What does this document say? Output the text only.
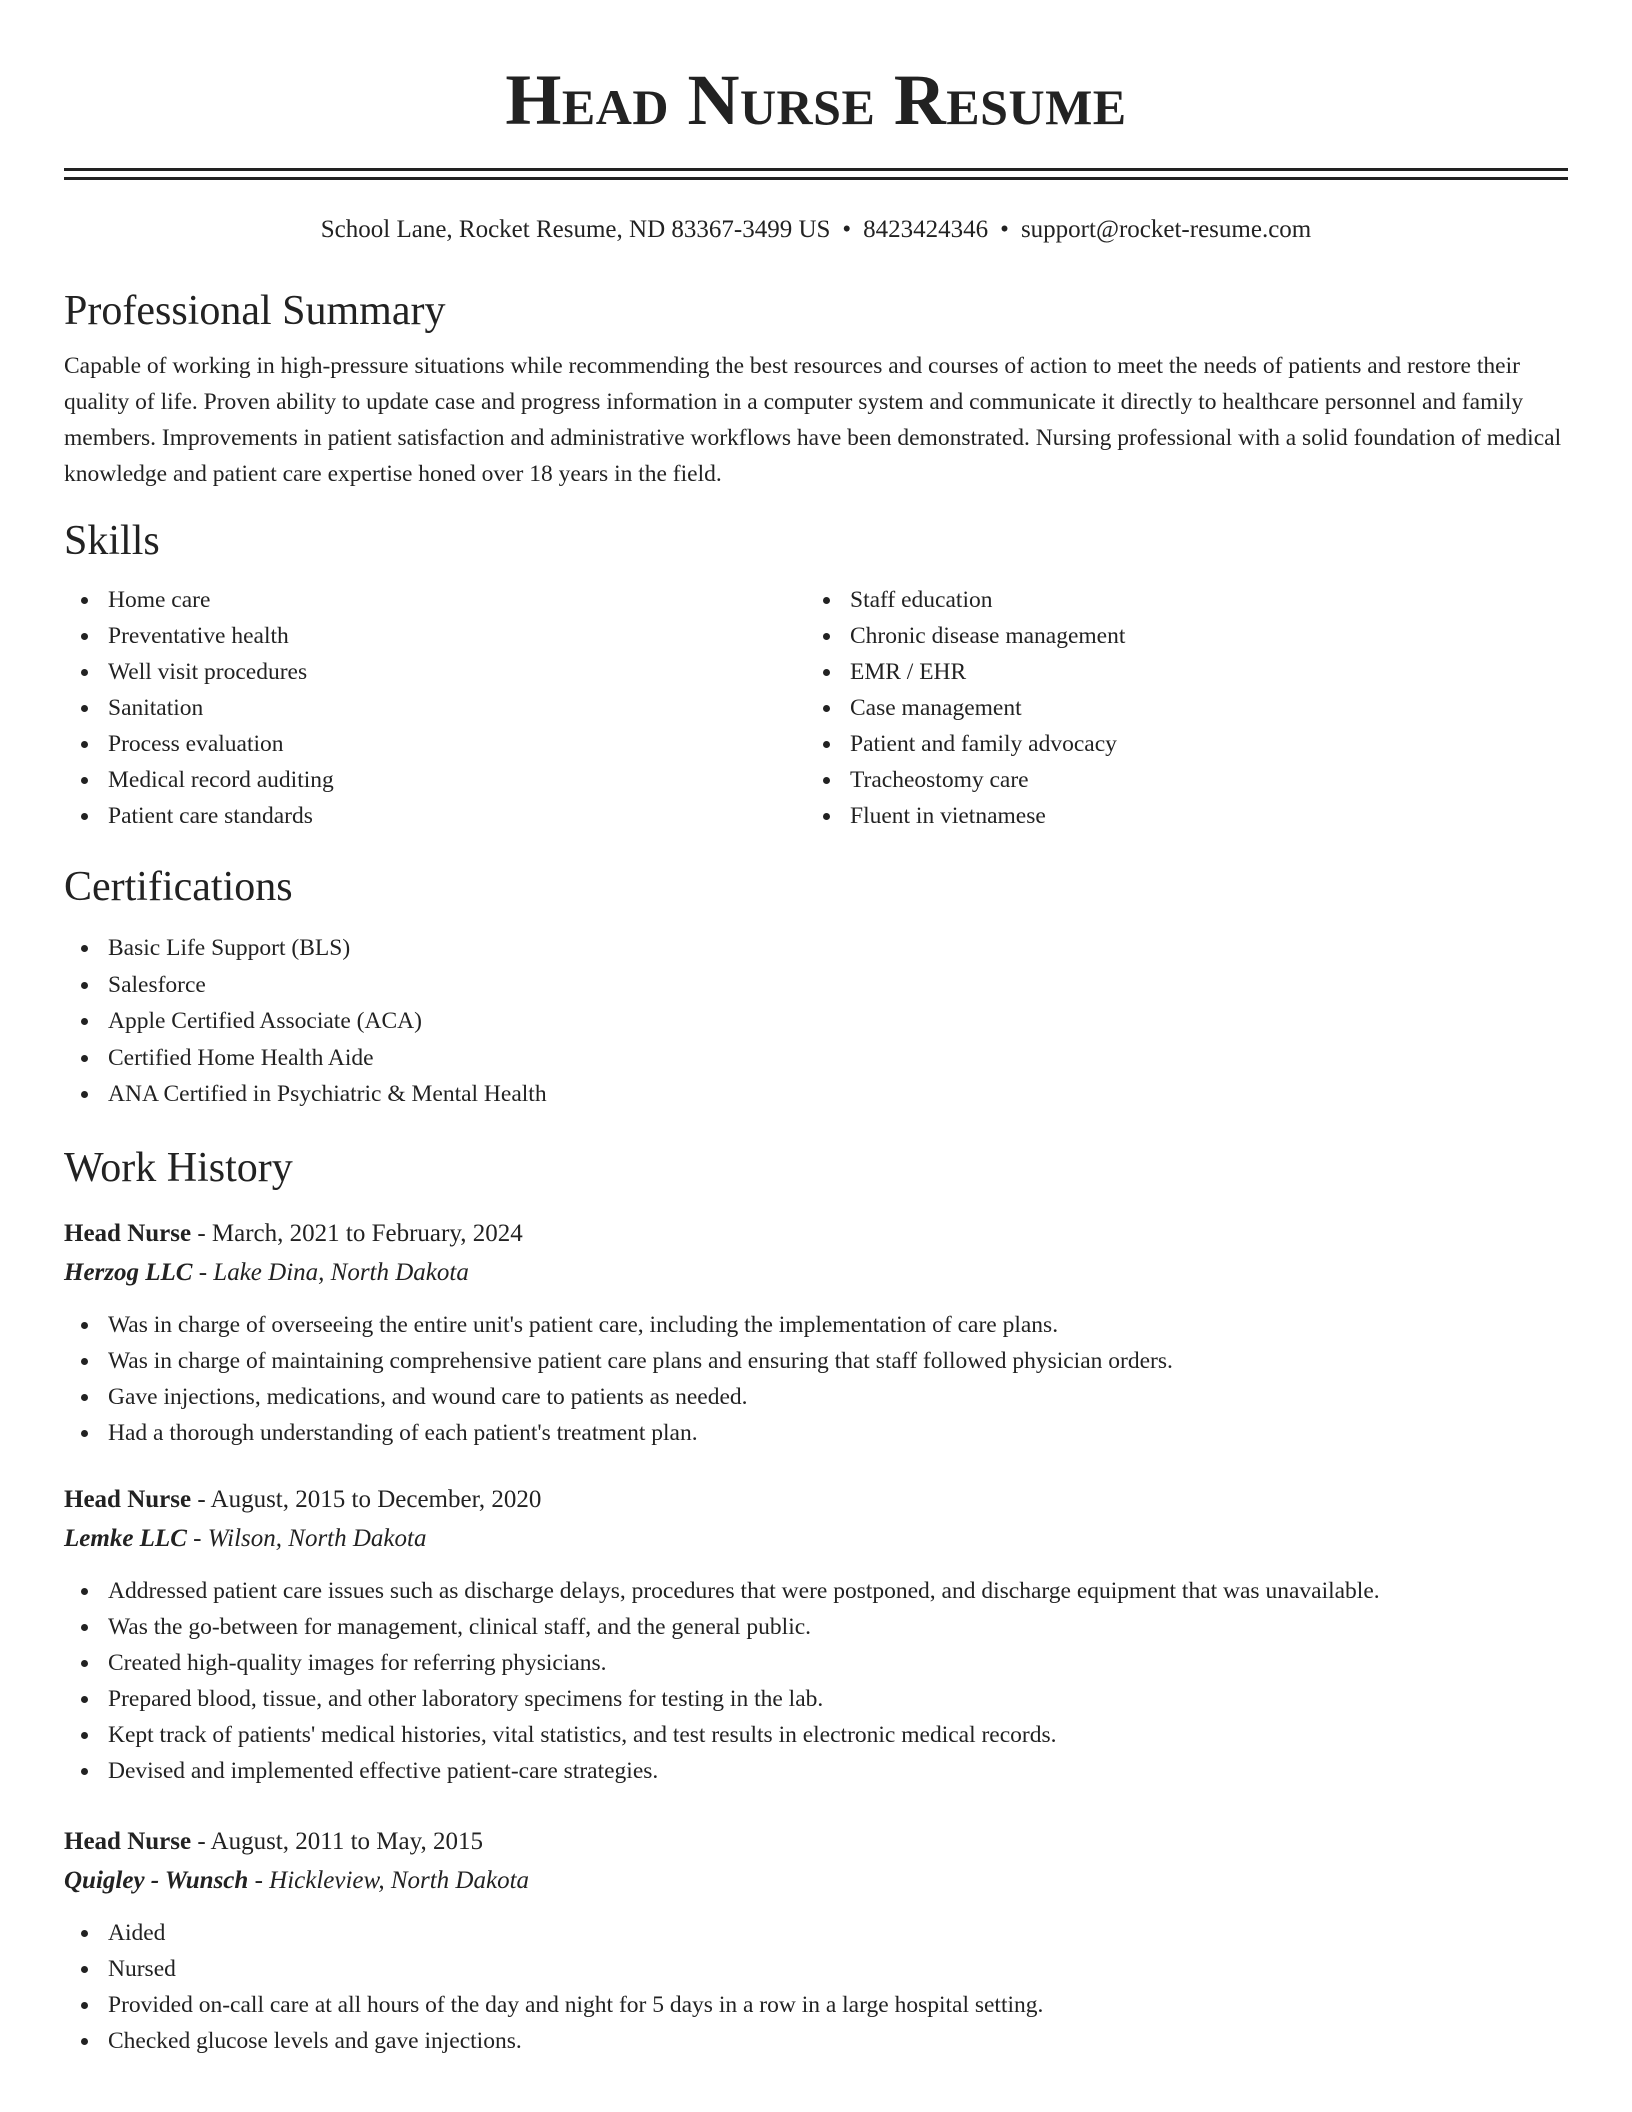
Head Nurse Resume
School Lane, Rocket Resume, ND 83367-3499 US • 8423424346 • support@rocket-resume.com
Professional Summary

Capable of working in high-pressure situations while recommending the best resources and courses of action to meet the needs of patients and restore their quality of life. Proven ability to update case and progress information in a computer system and communicate it directly to healthcare personnel and family members. Improvements in patient satisfaction and administrative workflows have been demonstrated. Nursing professional with a solid foundation of medical knowledge and patient care expertise honed over 18 years in the field.

Skills
Home care
Preventative health
Well visit procedures
Sanitation
Process evaluation
Medical record auditing
Patient care standards
Staff education
Chronic disease management
EMR / EHR
Case management
Patient and family advocacy
Tracheostomy care
Fluent in vietnamese
Certifications
Basic Life Support (BLS)
Salesforce
Apple Certified Associate (ACA)
Certified Home Health Aide
ANA Certified in Psychiatric & Mental Health
Work History
Head Nurse - March, 2021 to February, 2024
Herzog LLC - Lake Dina, North Dakota
Was in charge of overseeing the entire unit's patient care, including the implementation of care plans.
Was in charge of maintaining comprehensive patient care plans and ensuring that staff followed physician orders.
Gave injections, medications, and wound care to patients as needed.
Had a thorough understanding of each patient's treatment plan.
Head Nurse - August, 2015 to December, 2020
Lemke LLC - Wilson, North Dakota
Addressed patient care issues such as discharge delays, procedures that were postponed, and discharge equipment that was unavailable.
Was the go-between for management, clinical staff, and the general public.
Created high-quality images for referring physicians.
Prepared blood, tissue, and other laboratory specimens for testing in the lab.
Kept track of patients' medical histories, vital statistics, and test results in electronic medical records.
Devised and implemented effective patient-care strategies.
Head Nurse - August, 2011 to May, 2015
Quigley - Wunsch - Hickleview, North Dakota
Aided
Nursed
Provided on-call care at all hours of the day and night for 5 days in a row in a large hospital setting.
Checked glucose levels and gave injections.
